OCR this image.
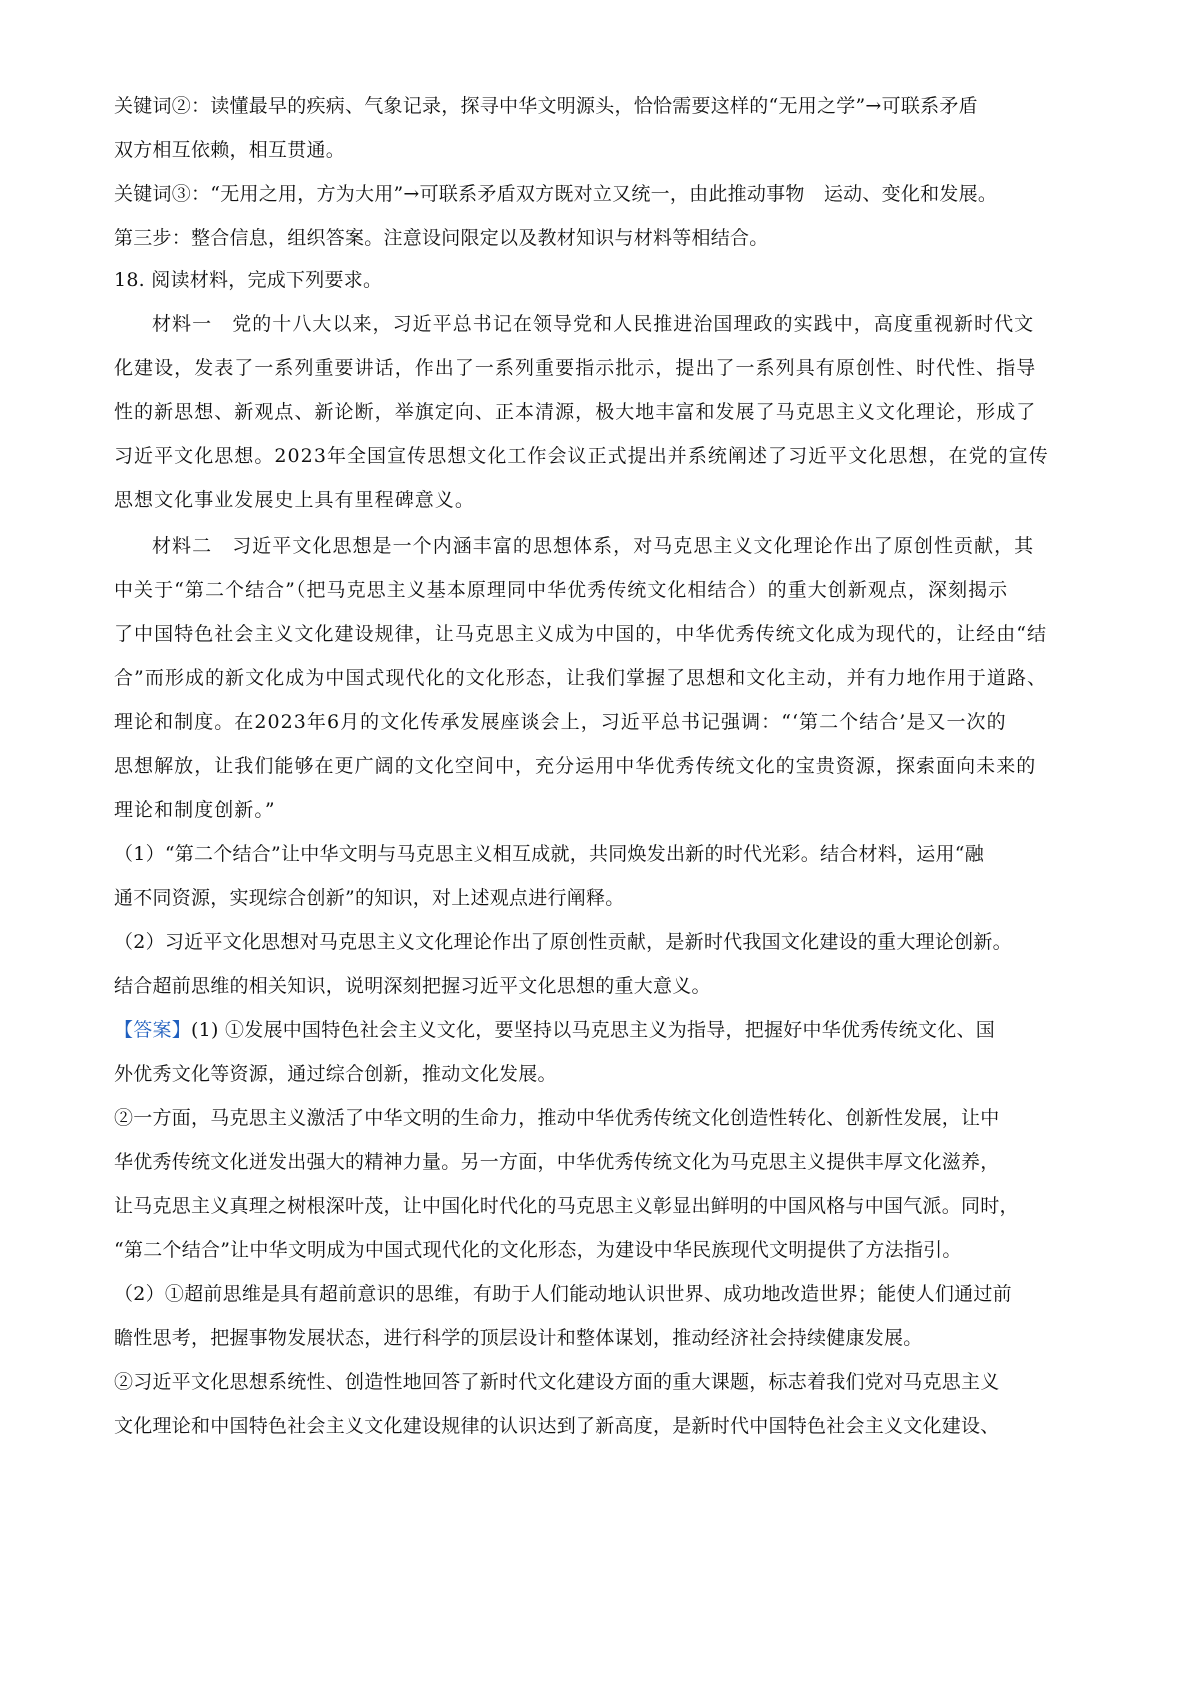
关键词②：读懂最早的疾病、气象记录，探寻中华文明源头，恰恰需要这样的“无用之学”→可联系矛盾
双方相互依赖，相互贯通。
关键词③：“无用之用，方为大用”→可联系矛盾双方既对立又统一，由此推动事物　运动、变化和发展。
第三步：整合信息，组织答案。注意设问限定以及教材知识与材料等相结合。
18. 阅读材料，完成下列要求。
材料一　党的十八大以来，习近平总书记在领导党和人民推进治国理政的实践中，高度重视新时代文
化建设，发表了一系列重要讲话，作出了一系列重要指示批示，提出了一系列具有原创性、时代性、指导
性的新思想、新观点、新论断，举旗定向、正本清源，极大地丰富和发展了马克思主义文化理论，形成了
习近平文化思想。2023年全国宣传思想文化工作会议正式提出并系统阐述了习近平文化思想，在党的宣传
思想文化事业发展史上具有里程碑意义。
材料二　习近平文化思想是一个内涵丰富的思想体系，对马克思主义文化理论作出了原创性贡献，其
中关于“第二个结合”（把马克思主义基本原理同中华优秀传统文化相结合）的重大创新观点，深刻揭示
了中国特色社会主义文化建设规律，让马克思主义成为中国的，中华优秀传统文化成为现代的，让经由“结
合”而形成的新文化成为中国式现代化的文化形态，让我们掌握了思想和文化主动，并有力地作用于道路、
理论和制度。在2023年6月的文化传承发展座谈会上，习近平总书记强调：“‘第二个结合’是又一次的
思想解放，让我们能够在更广阔的文化空间中，充分运用中华优秀传统文化的宝贵资源，探索面向未来的
理论和制度创新。”
（1）“第二个结合”让中华文明与马克思主义相互成就，共同焕发出新的时代光彩。结合材料，运用“融
通不同资源，实现综合创新”的知识，对上述观点进行阐释。
（2）习近平文化思想对马克思主义文化理论作出了原创性贡献，是新时代我国文化建设的重大理论创新。
结合超前思维的相关知识，说明深刻把握习近平文化思想的重大意义。
【答案】(1) ①发展中国特色社会主义文化，要坚持以马克思主义为指导，把握好中华优秀传统文化、国
外优秀文化等资源，通过综合创新，推动文化发展。
②一方面，马克思主义激活了中华文明的生命力，推动中华优秀传统文化创造性转化、创新性发展，让中
华优秀传统文化迸发出强大的精神力量。另一方面，中华优秀传统文化为马克思主义提供丰厚文化滋养，
让马克思主义真理之树根深叶茂，让中国化时代化的马克思主义彰显出鲜明的中国风格与中国气派。同时，
“第二个结合”让中华文明成为中国式现代化的文化形态，为建设中华民族现代文明提供了方法指引。
（2）①超前思维是具有超前意识的思维，有助于人们能动地认识世界、成功地改造世界；能使人们通过前
瞻性思考，把握事物发展状态，进行科学的顶层设计和整体谋划，推动经济社会持续健康发展。
②习近平文化思想系统性、创造性地回答了新时代文化建设方面的重大课题，标志着我们党对马克思主义
文化理论和中国特色社会主义文化建设规律的认识达到了新高度，是新时代中国特色社会主义文化建设、
